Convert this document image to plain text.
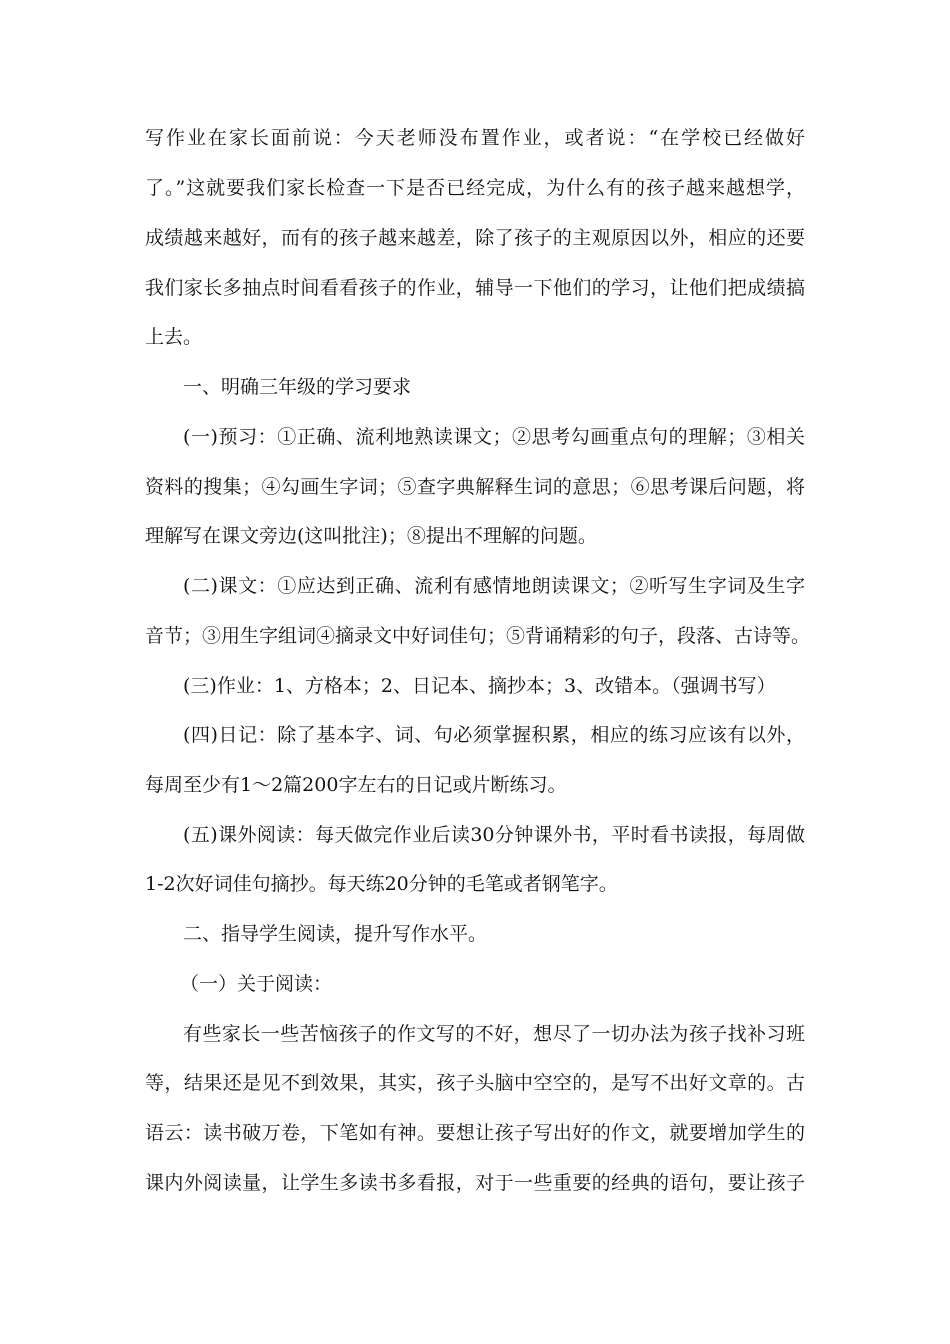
写作业在家长面前说：今天老师没布置作业，或者说：“在学校已经做好
了。”这就要我们家长检查一下是否已经完成，为什么有的孩子越来越想学，
成绩越来越好，而有的孩子越来越差，除了孩子的主观原因以外，相应的还要
我们家长多抽点时间看看孩子的作业，辅导一下他们的学习，让他们把成绩搞
上去。
一、明确三年级的学习要求
(一)预习：①正确、流利地熟读课文；②思考勾画重点句的理解；③相关
资料的搜集；④勾画生字词；⑤查字典解释生词的意思；⑥思考课后问题，将
理解写在课文旁边(这叫批注)；⑧提出不理解的问题。
(二)课文：①应达到正确、流利有感情地朗读课文；②听写生字词及生字
音节；③用生字组词④摘录文中好词佳句；⑤背诵精彩的句子，段落、古诗等。
(三)作业：1、方格本；2、日记本、摘抄本；3、改错本。（强调书写）
(四)日记：除了基本字、词、句必须掌握积累，相应的练习应该有以外，
每周至少有1～2篇200字左右的日记或片断练习。
(五)课外阅读：每天做完作业后读30分钟课外书，平时看书读报，每周做
1-2次好词佳句摘抄。每天练20分钟的毛笔或者钢笔字。
二、指导学生阅读，提升写作水平。
（一）关于阅读：
有些家长一些苦恼孩子的作文写的不好，想尽了一切办法为孩子找补习班
等，结果还是见不到效果，其实，孩子头脑中空空的，是写不出好文章的。古
语云：读书破万卷，下笔如有神。要想让孩子写出好的作文，就要增加学生的
课内外阅读量，让学生多读书多看报，对于一些重要的经典的语句，要让孩子
